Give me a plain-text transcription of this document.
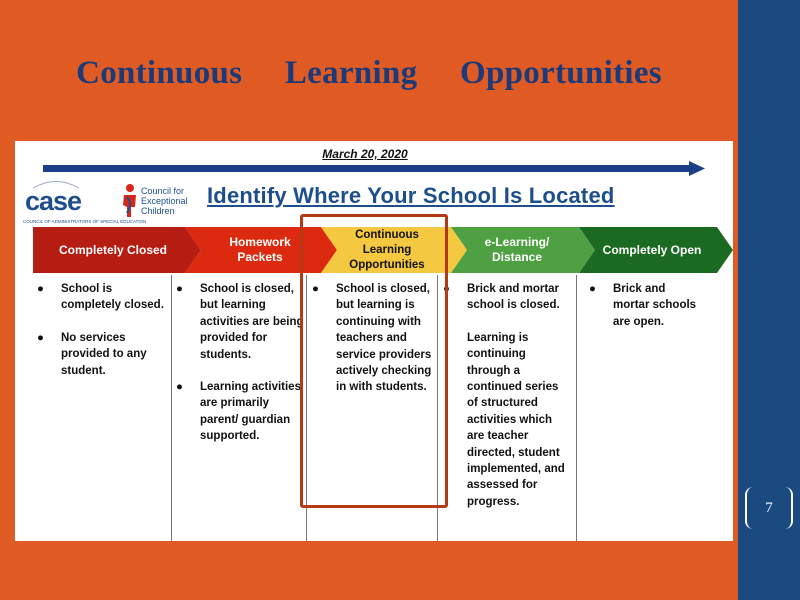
7
Continuous Learning Opportunities
March 20, 2020
case
COUNCIL OF ADMINISTRATORS OF SPECIAL EDUCATION
Council for
Exceptional
Children
Identify Where Your School Is Located
Completely Closed
Homework Packets
Continuous Learning Opportunities
e-Learning/ Distance
Completely Open
● School is completely closed.
● No services provided to any student.
● School is closed, but learning activities are being provided for students.
● Learning activities are primarily parent/ guardian supported.
● School is closed, but learning is continuing with teachers and service providers actively checking in with students.
● Brick and mortar school is closed.
Learning is continuing through a continued series of structured activities which are teacher directed, student implemented, and assessed for progress.
● Brick and mortar schools are open.
